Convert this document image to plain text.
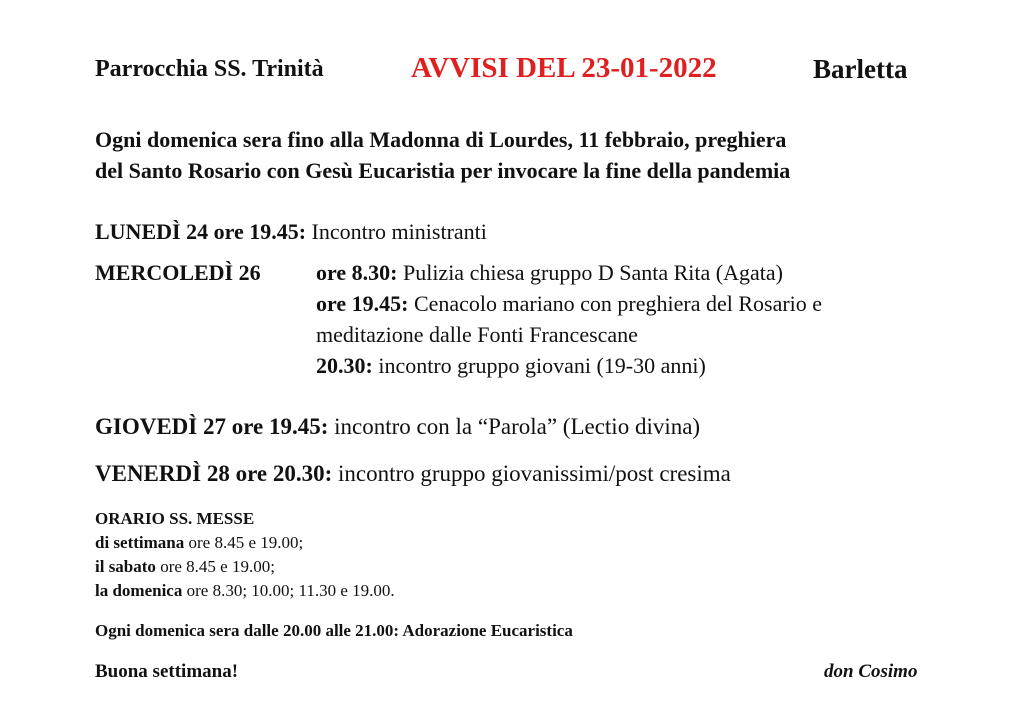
Parrocchia SS. Trinità	AVVISI DEL 23-01-2022	Barletta
Ogni domenica sera fino alla Madonna di Lourdes, 11 febbraio, preghiera
del Santo Rosario con Gesù Eucaristia per invocare la fine della pandemia
LUNEDÌ 24 ore 19.45: Incontro ministranti
MERCOLEDÌ 26	ore 8.30: Pulizia chiesa gruppo D Santa Rita (Agata)
ore 19.45: Cenacolo mariano con preghiera del Rosario e
meditazione dalle Fonti Francescane
20.30: incontro gruppo giovani (19-30 anni)
GIOVEDÌ 27 ore 19.45: incontro con la “Parola” (Lectio divina)
VENERDÌ 28 ore 20.30: incontro gruppo giovanissimi/post cresima
ORARIO SS. MESSE
di settimana ore 8.45 e 19.00;
il sabato ore 8.45 e 19.00;
la domenica ore 8.30; 10.00; 11.30 e 19.00.
Ogni domenica sera dalle 20.00 alle 21.00: Adorazione Eucaristica
Buona settimana!	don Cosimo
